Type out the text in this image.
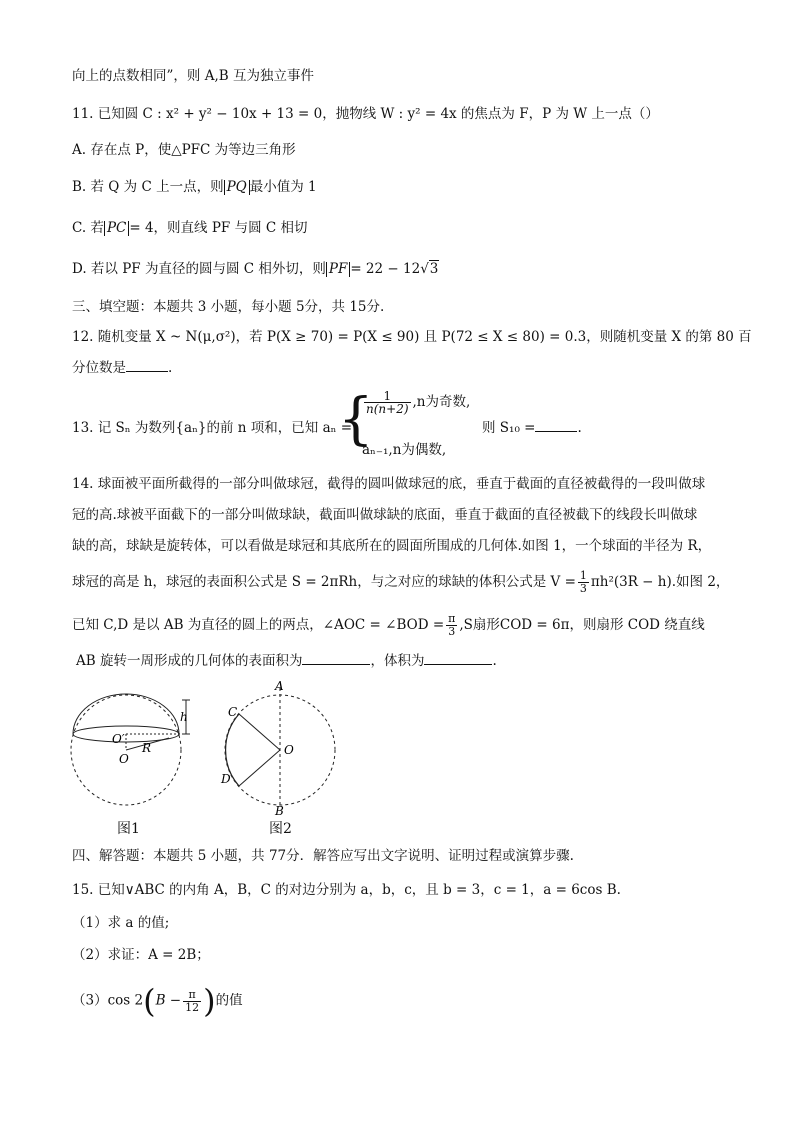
向上的点数相同”，则 A,B 互为独立事件
11. 已知圆 C : x² + y² − 10x + 13 = 0，抛物线 W : y² = 4x 的焦点为 F，P 为 W 上一点（）
A. 存在点 P，使△PFC 为等边三角形
B. 若 Q 为 C 上一点，则 PQ 最小值为 1
C. 若 PC = 4，则直线 PF 与圆 C 相切
D. 若以 PF 为直径的圆与圆 C 相外切，则 PF = 22 − 12√3
三、填空题：本题共 3 小题，每小题 5分，共 15分.
12. 随机变量 X ~ N(μ,σ²)，若 P(X ≥ 70) = P(X ≤ 90) 且 P(72 ≤ X ≤ 80) = 0.3，则随机变量 X 的第 80 百
分位数是	.
13. 记 Sₙ 为数列{aₙ}的前 n 项和，已知 aₙ =
{
$\frac{1}{n(n+2)} ,n$为奇数,
aₙ₋₁,n为偶数,
则 S₁₀ =	.
14. 球面被平面所截得的一部分叫做球冠，截得的圆叫做球冠的底，垂直于截面的直径被截得的一段叫做球
冠的高.球被平面截下的一部分叫做球缺，截面叫做球缺的底面，垂直于截面的直径被截下的线段长叫做球
缺的高，球缺是旋转体，可以看做是球冠和其底所在的圆面所围成的几何体.如图 1，一个球面的半径为 R，
球冠的高是 h，球冠的表面积公式是 S = 2πRh，与之对应的球缺的体积公式是 $V = \frac{1}{3} \pi h^2(3R - h)$.如图 2，
已知 C,D 是以 AB 为直径的圆上的两点，∠AOC = ∠BOD = $\frac{\pi}{3} ,S$扇形COD = 6π，则扇形 COD 绕直线
AB 旋转一周形成的几何体的表面积为	，体积为	.
h
O′
R
O
图1
A
C
O
D
B
图2
四、解答题：本题共 5 小题，共 77分．解答应写出文字说明、证明过程或演算步骤.
15. 已知∨ABC 的内角 A，B，C 的对边分别为 a，b，c，且 b = 3，c = 1，a = 6cos B.
（1）求 a 的值;
（2）求证：A = 2B；
（3）cos $2(B - \frac{\pi}{12}$ )的值
